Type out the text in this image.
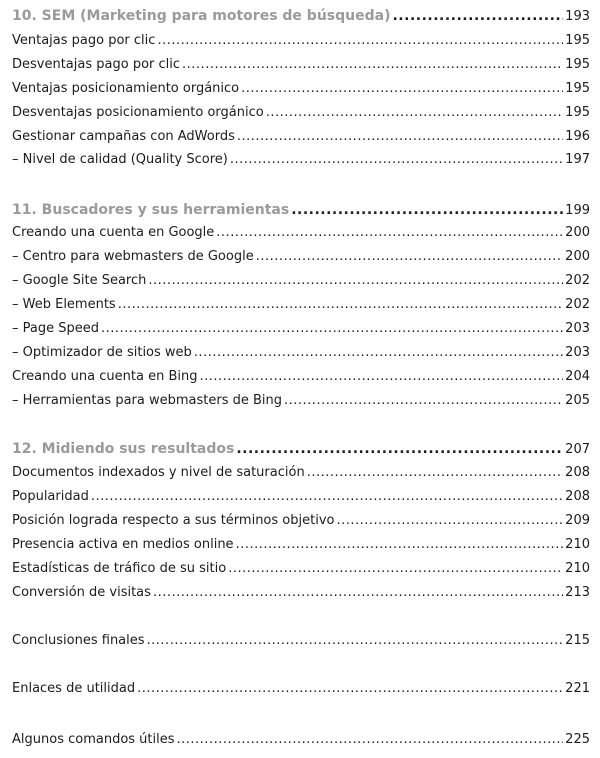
10. SEM (Marketing para motores de búsqueda) .....	193
Ventajas pago por clic .....	195
Desventajas pago por clic .....	195
Ventajas posicionamiento orgánico .....	195
Desventajas posicionamiento orgánico .....	195
Gestionar campañas con AdWords .....	196
– Nivel de calidad (Quality Score) .....	197
11. Buscadores y sus herramientas .....	199
Creando una cuenta en Google .....	200
– Centro para webmasters de Google .....	200
– Google Site Search .....	202
– Web Elements .....	202
– Page Speed .....	203
– Optimizador de sitios web .....	203
Creando una cuenta en Bing .....	204
– Herramientas para webmasters de Bing .....	205
12. Midiendo sus resultados .....	207
Documentos indexados y nivel de saturación .....	208
Popularidad .....	208
Posición lograda respecto a sus términos objetivo .....	209
Presencia activa en medios online .....	210
Estadísticas de tráfico de su sitio .....	210
Conversión de visitas .....	213
Conclusiones finales .....	215
Enlaces de utilidad .....	221
Algunos comandos útiles .....	225
